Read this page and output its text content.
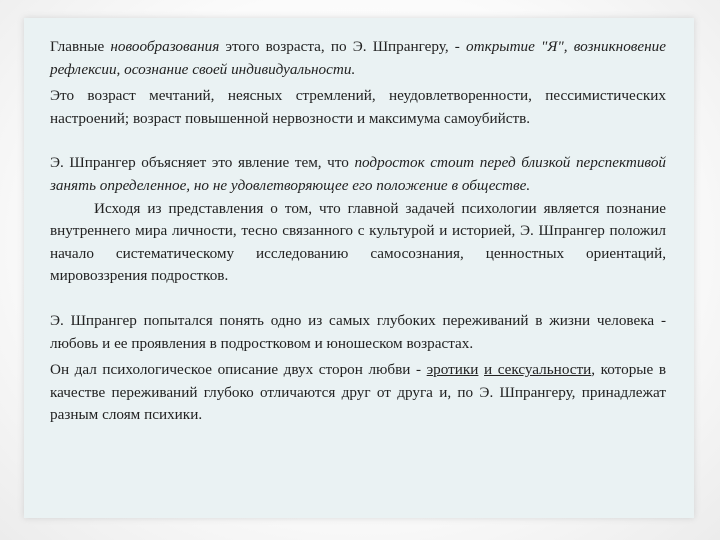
Главные новообразования этого возраста, по Э. Шпрангеру, - открытие "Я", возникновение рефлексии, осознание своей индивидуальности.

Это возраст мечтаний, неясных стремлений, неудовлетворенности, пессимистических настроений; возраст повышенной нервозности и максимума самоубийств.

Э. Шпрангер объясняет это явление тем, что подросток стоит перед близкой перспективой занять определенное, но не удовлетворяющее его положение в обществе.

Исходя из представления о том, что главной задачей психологии является познание внутреннего мира личности, тесно связанного с культурой и историей, Э. Шпрангер положил начало систематическому исследованию самосознания, ценностных ориентаций, мировоззрения подростков.

Э. Шпрангер попытался понять одно из самых глубоких переживаний в жизни человека - любовь и ее проявления в подростковом и юношеском возрастах.

Он дал психологическое описание двух сторон любви - эротики и сексуальности, которые в качестве переживаний глубоко отличаются друг от друга и, по Э. Шпрангеру, принадлежат разным слоям психики.
